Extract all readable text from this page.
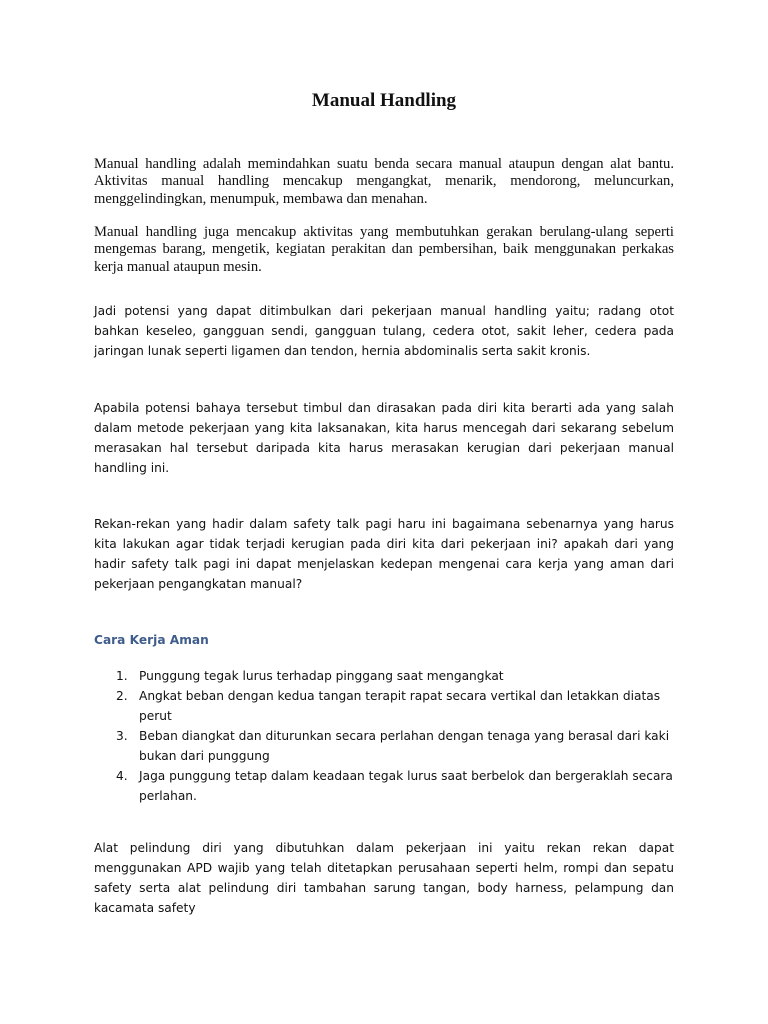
Manual Handling

Manual handling adalah memindahkan suatu benda secara manual ataupun dengan alat bantu. Aktivitas manual handling mencakup mengangkat, menarik, mendorong, meluncurkan, menggelindingkan, menumpuk, membawa dan menahan.

Manual handling juga mencakup aktivitas yang membutuhkan gerakan berulang-ulang seperti mengemas barang, mengetik, kegiatan perakitan dan pembersihan, baik menggunakan perkakas kerja manual ataupun mesin.

Jadi potensi yang dapat ditimbulkan dari pekerjaan manual handling yaitu; radang otot bahkan keseleo, gangguan sendi, gangguan tulang, cedera otot, sakit leher, cedera pada jaringan lunak seperti ligamen dan tendon, hernia abdominalis serta sakit kronis.

Apabila potensi bahaya tersebut timbul dan dirasakan pada diri kita berarti ada yang salah dalam metode pekerjaan yang kita laksanakan, kita harus mencegah dari sekarang sebelum merasakan hal tersebut daripada kita harus merasakan kerugian dari pekerjaan manual handling ini.

Rekan-rekan yang hadir dalam safety talk pagi haru ini bagaimana sebenarnya yang harus kita lakukan agar tidak terjadi kerugian pada diri kita dari pekerjaan ini? apakah dari yang hadir safety talk pagi ini dapat menjelaskan kedepan mengenai cara kerja yang aman dari pekerjaan pengangkatan manual?

Cara Kerja Aman
1. Punggung tegak lurus terhadap pinggang saat mengangkat
2. Angkat beban dengan kedua tangan terapit rapat secara vertikal dan letakkan diatas perut
3. Beban diangkat dan diturunkan secara perlahan dengan tenaga yang berasal dari kaki bukan dari punggung
4. Jaga punggung tetap dalam keadaan tegak lurus saat berbelok dan bergeraklah secara perlahan.

Alat pelindung diri yang dibutuhkan dalam pekerjaan ini yaitu rekan rekan dapat menggunakan APD wajib yang telah ditetapkan perusahaan seperti helm, rompi dan sepatu safety serta alat pelindung diri tambahan sarung tangan, body harness, pelampung dan kacamata safety
